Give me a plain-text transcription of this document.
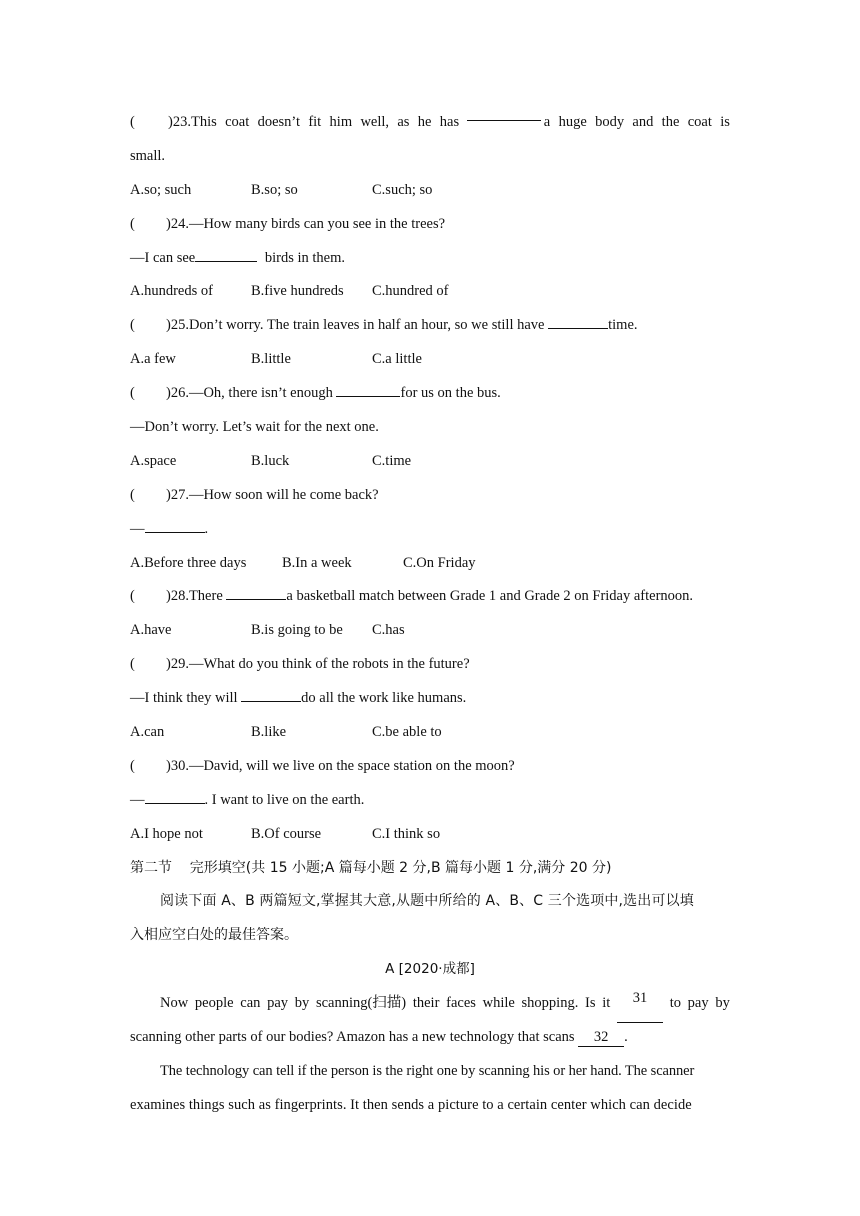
(	)23. This coat doesn’t fit him well, as he has	a huge body and the coat is
small.
A.so; such	B.so; so	C.such; so
( )24.—How many birds can you see in the trees?
—I can see	birds in them.
A.hundreds of	B.five hundreds	C.hundred of
( )25.Don’t worry. The train leaves in half an hour, so we still have	time.
A.a few	B.little	C.a little
( )26.—Oh, there isn’t enough	for us on the bus.
—Don’t worry. Let’s wait for the next one.
A.space	B.luck	C.time
( )27.—How soon will he come back?
—	.
A.Before three days	B.In a week	C.On Friday
( )28.There	a basketball match between Grade 1 and Grade 2 on Friday afternoon.
A.have	B.is going to be	C.has
( )29.—What do you think of the robots in the future?
—I think they will	do all the work like humans.
A.can	B.like	C.be able to
( )30.—David, will we live on the space station on the moon?
—	. I want to live on the earth.
A.I hope not	B.Of course	C.I think so
第二节    完形填空(共 15 小题;A 篇每小题 2 分,B 篇每小题 1 分,满分 20 分)
阅读下面 A、B 两篇短文,掌握其大意,从题中所给的 A、B、C 三个选项中,选出可以填
入相应空白处的最佳答案。
A [2020·成都]
Now people can pay by scanning(扫描) their faces while shopping. Is it	31	to pay by
scanning other parts of our bodies? Amazon has a new technology that scans 32 .
The technology can tell if the person is the right one by scanning his or her hand. The scanner
examines things such as fingerprints. It then sends a picture to a certain center which can decide
